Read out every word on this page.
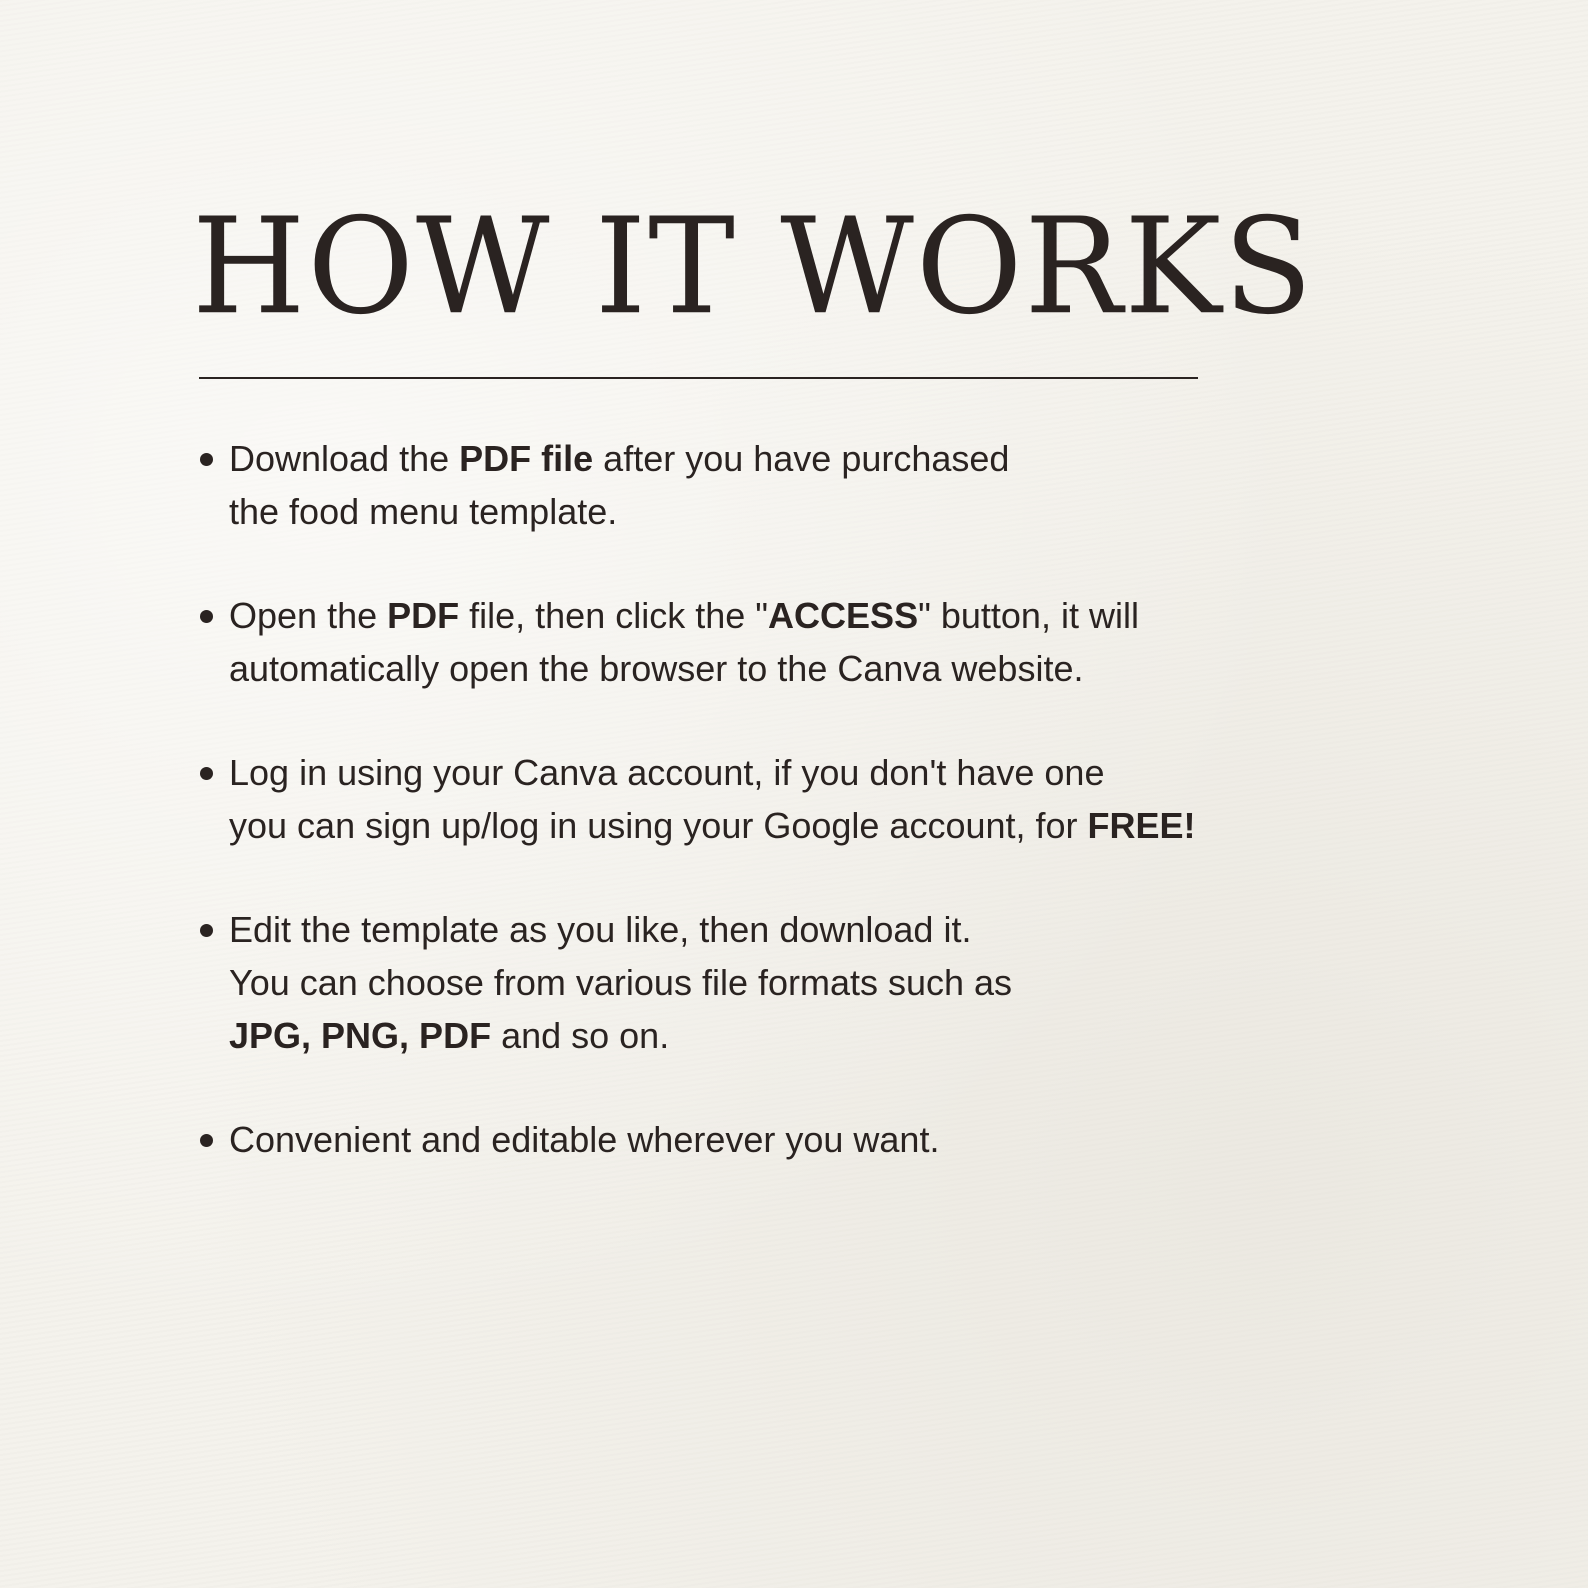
HOW IT WORKS
Download the PDF file after you have purchased
the food menu template.
Open the PDF file, then click the "ACCESS" button, it will
automatically open the browser to the Canva website.
Log in using your Canva account, if you don't have one
you can sign up/log in using your Google account, for FREE!
Edit the template as you like, then download it.
You can choose from various file formats such as
JPG, PNG, PDF and so on.
Convenient and editable wherever you want.
